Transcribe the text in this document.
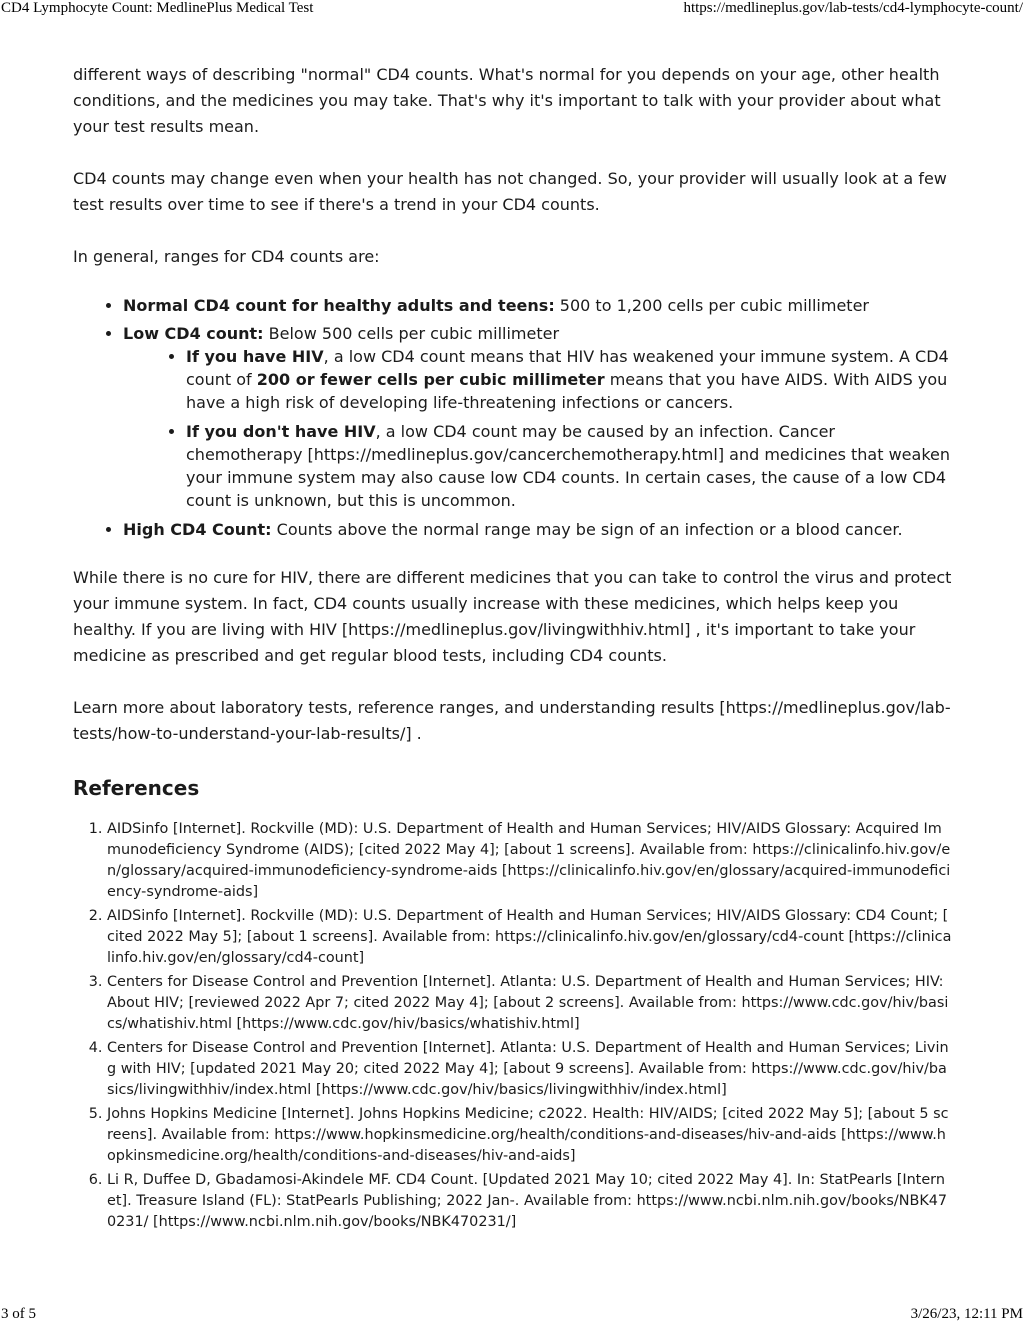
CD4 Lymphocyte Count: MedlinePlus Medical Test	https://medlineplus.gov/lab-tests/cd4-lymphocyte-count/

different ways of describing "normal" CD4 counts. What's normal for you depends on your age, other health conditions, and the medicines you may take. That's why it's important to talk with your provider about what your test results mean.

CD4 counts may change even when your health has not changed. So, your provider will usually look at a few test results over time to see if there's a trend in your CD4 counts.

In general, ranges for CD4 counts are:

• Normal CD4 count for healthy adults and teens: 500 to 1,200 cells per cubic millimeter
• Low CD4 count: Below 500 cells per cubic millimeter
• If you have HIV, a low CD4 count means that HIV has weakened your immune system. A CD4 count of 200 or fewer cells per cubic millimeter means that you have AIDS. With AIDS you have a high risk of developing life-threatening infections or cancers.
• If you don't have HIV, a low CD4 count may be caused by an infection. Cancer chemotherapy [https://medlineplus.gov/cancerchemotherapy.html] and medicines that weaken your immune system may also cause low CD4 counts. In certain cases, the cause of a low CD4 count is unknown, but this is uncommon.
• High CD4 Count: Counts above the normal range may be sign of an infection or a blood cancer.

While there is no cure for HIV, there are different medicines that you can take to control the virus and protect your immune system. In fact, CD4 counts usually increase with these medicines, which helps keep you healthy. If you are living with HIV [https://medlineplus.gov/livingwithhiv.html] , it's important to take your medicine as prescribed and get regular blood tests, including CD4 counts.

Learn more about laboratory tests, reference ranges, and understanding results [https://medlineplus.gov/lab-tests/how-to-understand-your-lab-results/] .

References
1. AIDSinfo [Internet]. Rockville (MD): U.S. Department of Health and Human Services; HIV/AIDS Glossary: Acquired Immunodeficiency Syndrome (AIDS); [cited 2022 May 4]; [about 1 screens]. Available from: https://clinicalinfo.hiv.gov/en/glossary/acquired-immunodeficiency-syndrome-aids [https://clinicalinfo.hiv.gov/en/glossary/acquired-immunodeficiency-syndrome-aids]
2. AIDSinfo [Internet]. Rockville (MD): U.S. Department of Health and Human Services; HIV/AIDS Glossary: CD4 Count; [ cited 2022 May 5]; [about 1 screens]. Available from: https://clinicalinfo.hiv.gov/en/glossary/cd4-count [https://clinicalinfo.hiv.gov/en/glossary/cd4-count]
3. Centers for Disease Control and Prevention [Internet]. Atlanta: U.S. Department of Health and Human Services; HIV: About HIV; [reviewed 2022 Apr 7; cited 2022 May 4]; [about 2 screens]. Available from: https://www.cdc.gov/hiv/basics/whatishiv.html [https://www.cdc.gov/hiv/basics/whatishiv.html]
4. Centers for Disease Control and Prevention [Internet]. Atlanta: U.S. Department of Health and Human Services; Living with HIV; [updated 2021 May 20; cited 2022 May 4]; [about 9 screens]. Available from: https://www.cdc.gov/hiv/basics/livingwithhiv/index.html [https://www.cdc.gov/hiv/basics/livingwithhiv/index.html]
5. Johns Hopkins Medicine [Internet]. Johns Hopkins Medicine; c2022. Health: HIV/AIDS; [cited 2022 May 5]; [about 5 screens]. Available from: https://www.hopkinsmedicine.org/health/conditions-and-diseases/hiv-and-aids [https://www.hopkinsmedicine.org/health/conditions-and-diseases/hiv-and-aids]
6. Li R, Duffee D, Gbadamosi-Akindele MF. CD4 Count. [Updated 2021 May 10; cited 2022 May 4]. In: StatPearls [Internet]. Treasure Island (FL): StatPearls Publishing; 2022 Jan-. Available from: https://www.ncbi.nlm.nih.gov/books/NBK470231/ [https://www.ncbi.nlm.nih.gov/books/NBK470231/]
3 of 5	3/26/23, 12:11 PM
